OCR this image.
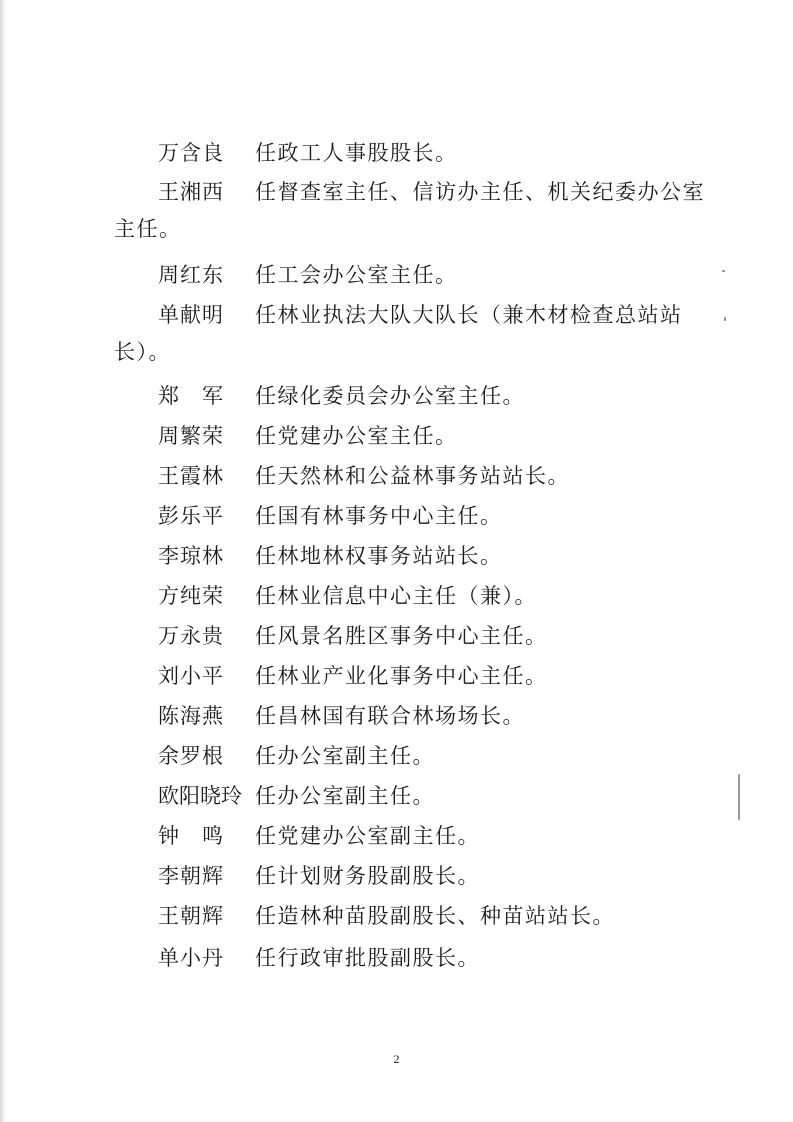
万含良 任政工人事股股长。
王湘西 任督查室主任、信访办主任、机关纪委办公室
主任。
周红东 任工会办公室主任。
单献明 任林业执法大队大队长（兼木材检查总站站
长）。
郑　军 任绿化委员会办公室主任。
周繁荣 任党建办公室主任。
王霞林 任天然林和公益林事务站站长。
彭乐平 任国有林事务中心主任。
李琼林 任林地林权事务站站长。
方纯荣 任林业信息中心主任（兼）。
万永贵 任风景名胜区事务中心主任。
刘小平 任林业产业化事务中心主任。
陈海燕 任昌林国有联合林场场长。
余罗根 任办公室副主任。
欧阳晓玲 任办公室副主任。
钟　鸣 任党建办公室副主任。
李朝辉 任计划财务股副股长。
王朝辉 任造林种苗股副股长、种苗站站长。
单小丹 任行政审批股副股长。
2
